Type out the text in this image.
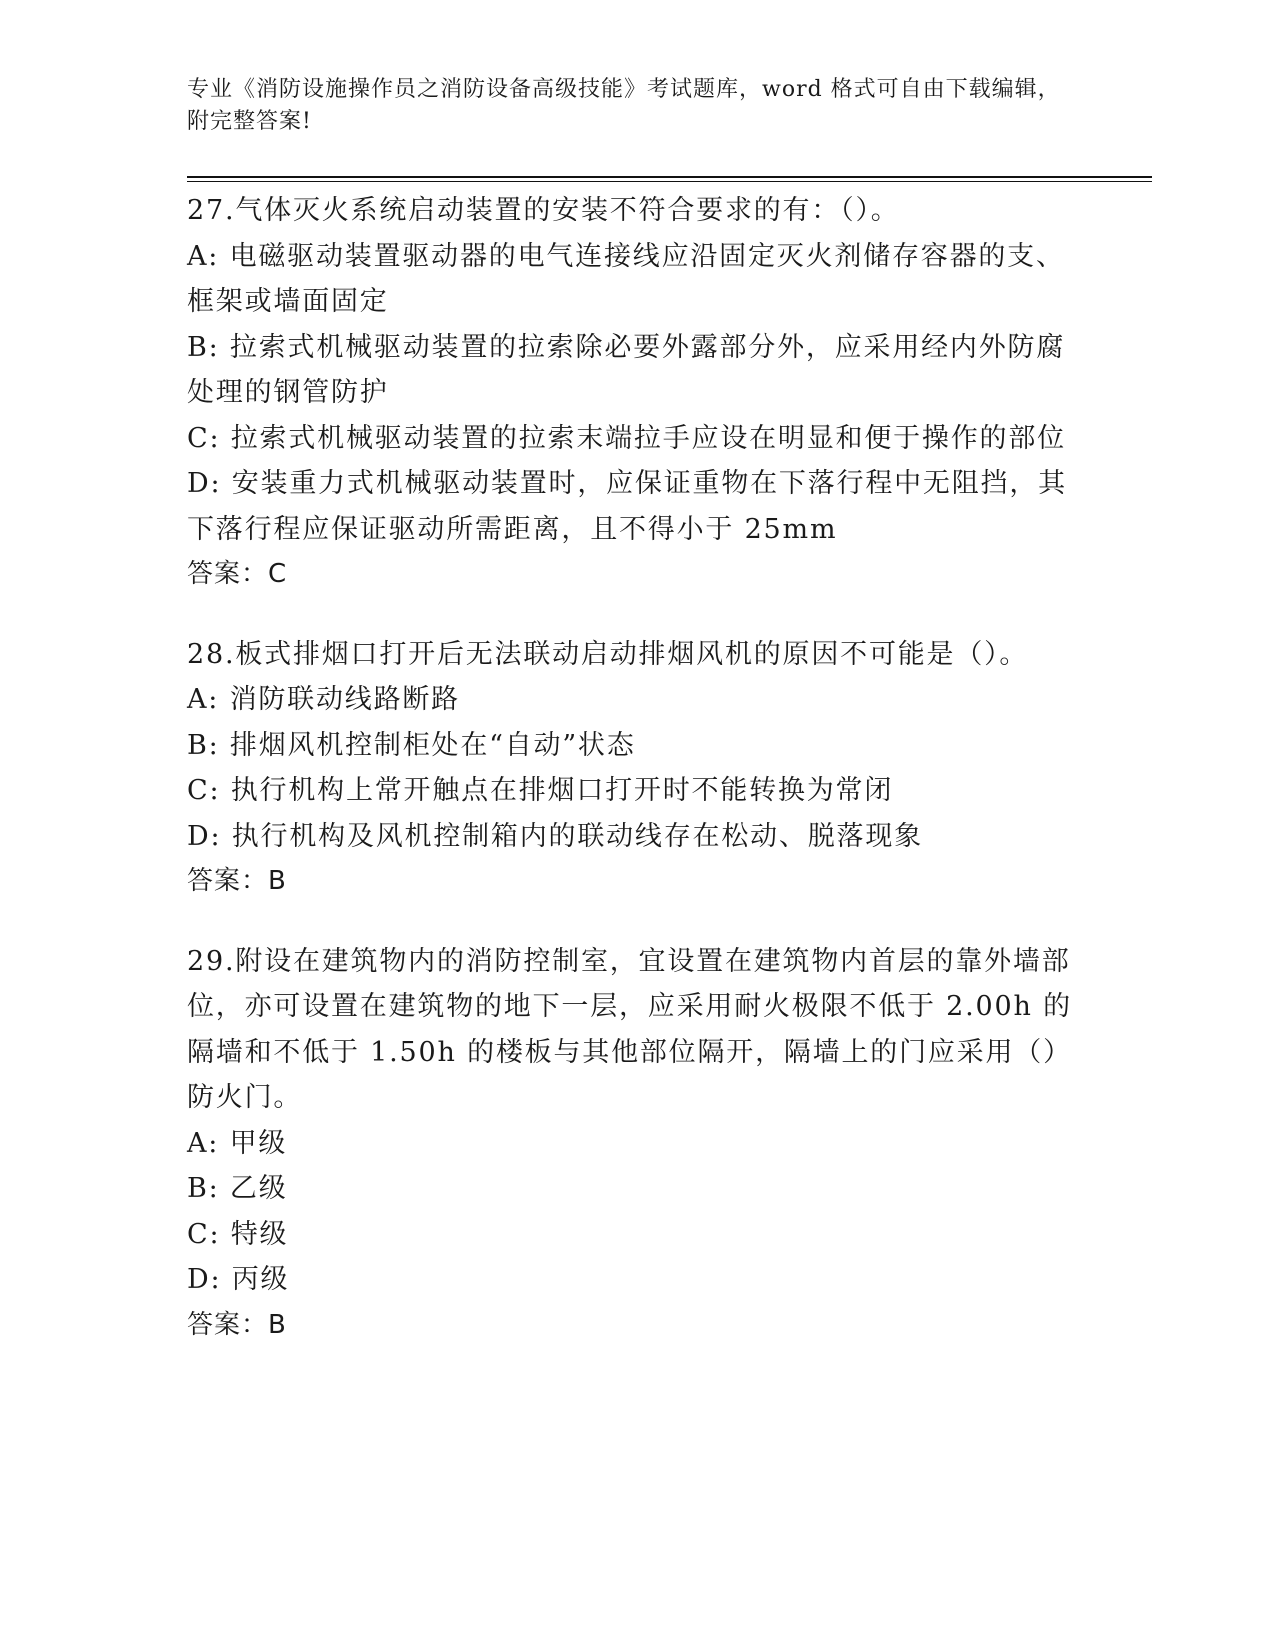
专业《消防设施操作员之消防设备高级技能》考试题库，word 格式可自由下载编辑，附完整答案!

27.气体灭火系统启动装置的安装不符合要求的有：（）。

A: 电磁驱动装置驱动器的电气连接线应沿固定灭火剂储存容器的支、框架或墙面固定

B: 拉索式机械驱动装置的拉索除必要外露部分外，应采用经内外防腐处理的钢管防护

C: 拉索式机械驱动装置的拉索末端拉手应设在明显和便于操作的部位

D: 安装重力式机械驱动装置时，应保证重物在下落行程中无阻挡，其下落行程应保证驱动所需距离，且不得小于 25mm

答案：C

28.板式排烟口打开后无法联动启动排烟风机的原因不可能是（）。

A: 消防联动线路断路

B: 排烟风机控制柜处在“自动”状态

C: 执行机构上常开触点在排烟口打开时不能转换为常闭

D: 执行机构及风机控制箱内的联动线存在松动、脱落现象

答案：B

29.附设在建筑物内的消防控制室，宜设置在建筑物内首层的靠外墙部位，亦可设置在建筑物的地下一层，应采用耐火极限不低于 2.00h 的隔墙和不低于 1.50h 的楼板与其他部位隔开，隔墙上的门应采用（）防火门。

A: 甲级

B: 乙级

C: 特级

D: 丙级

答案：B
